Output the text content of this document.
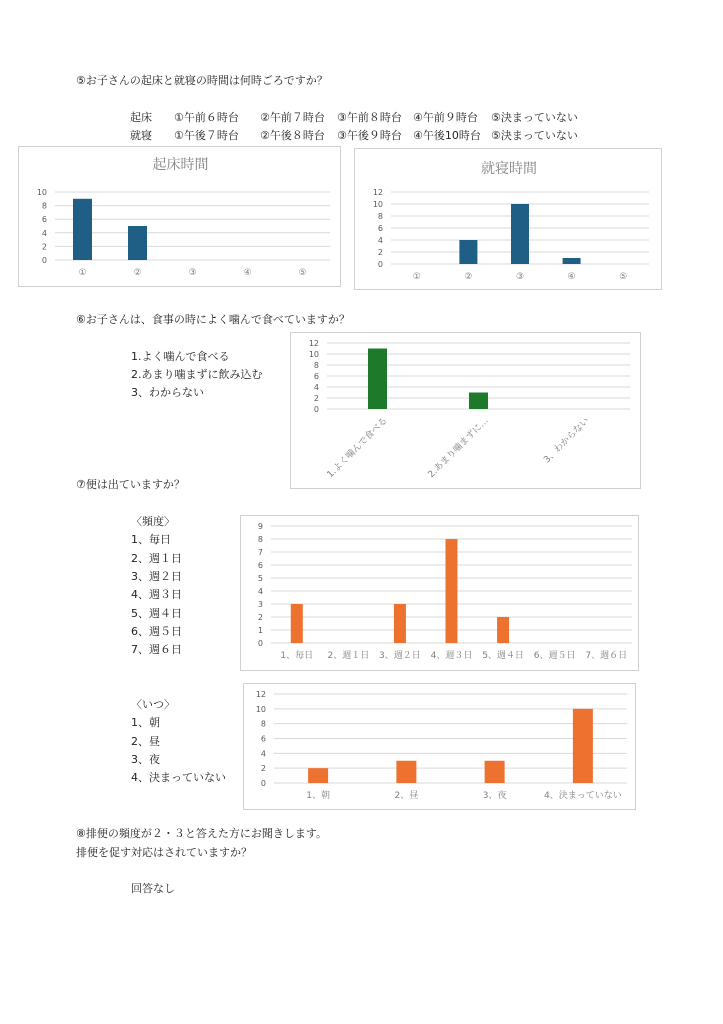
⑤お子さんの起床と就寝の時間は何時ごろですか？
起床 ①午前６時台 ②午前７時台 ③午前８時台 ④午前９時台 ⑤決まっていない
就寝 ①午後７時台 ②午後８時台 ③午後９時台 ④午後10時台 ⑤決まっていない
起床時間
0
2
4
6
8
10
①	②	③	④	⑤
就寝時間
0
2
4
6
8
10
12
①	②	③	④	⑤
⑥お子さんは、食事の時によく噛んで食べていますか？
1.よく噛んで食べる
2.あまり噛まずに飲み込む
3、わからない
0
2
4
6
8
10
12
1.よく噛んで食べる	2.あまり噛まずに…	3、わからない
⑦便は出ていますか？
〈頻度〉
1、毎日
2、週１日
3、週２日
4、週３日
5、週４日
6、週５日
7、週６日	0
1
2
3
4
5
6
7
8
9
1、毎日 2、週１日 3、週２日 4、週３日 5、週４日 6、週５日 7、週６日
〈いつ〉
1、朝
2、昼
3、夜
4、決まっていない	0
2
4
6
8
10
12
1、朝	2、昼	3、夜	4、決まっていない
⑧排便の頻度が２・３と答えた方にお聞きします。
排便を促す対応はされていますか？
回答なし
